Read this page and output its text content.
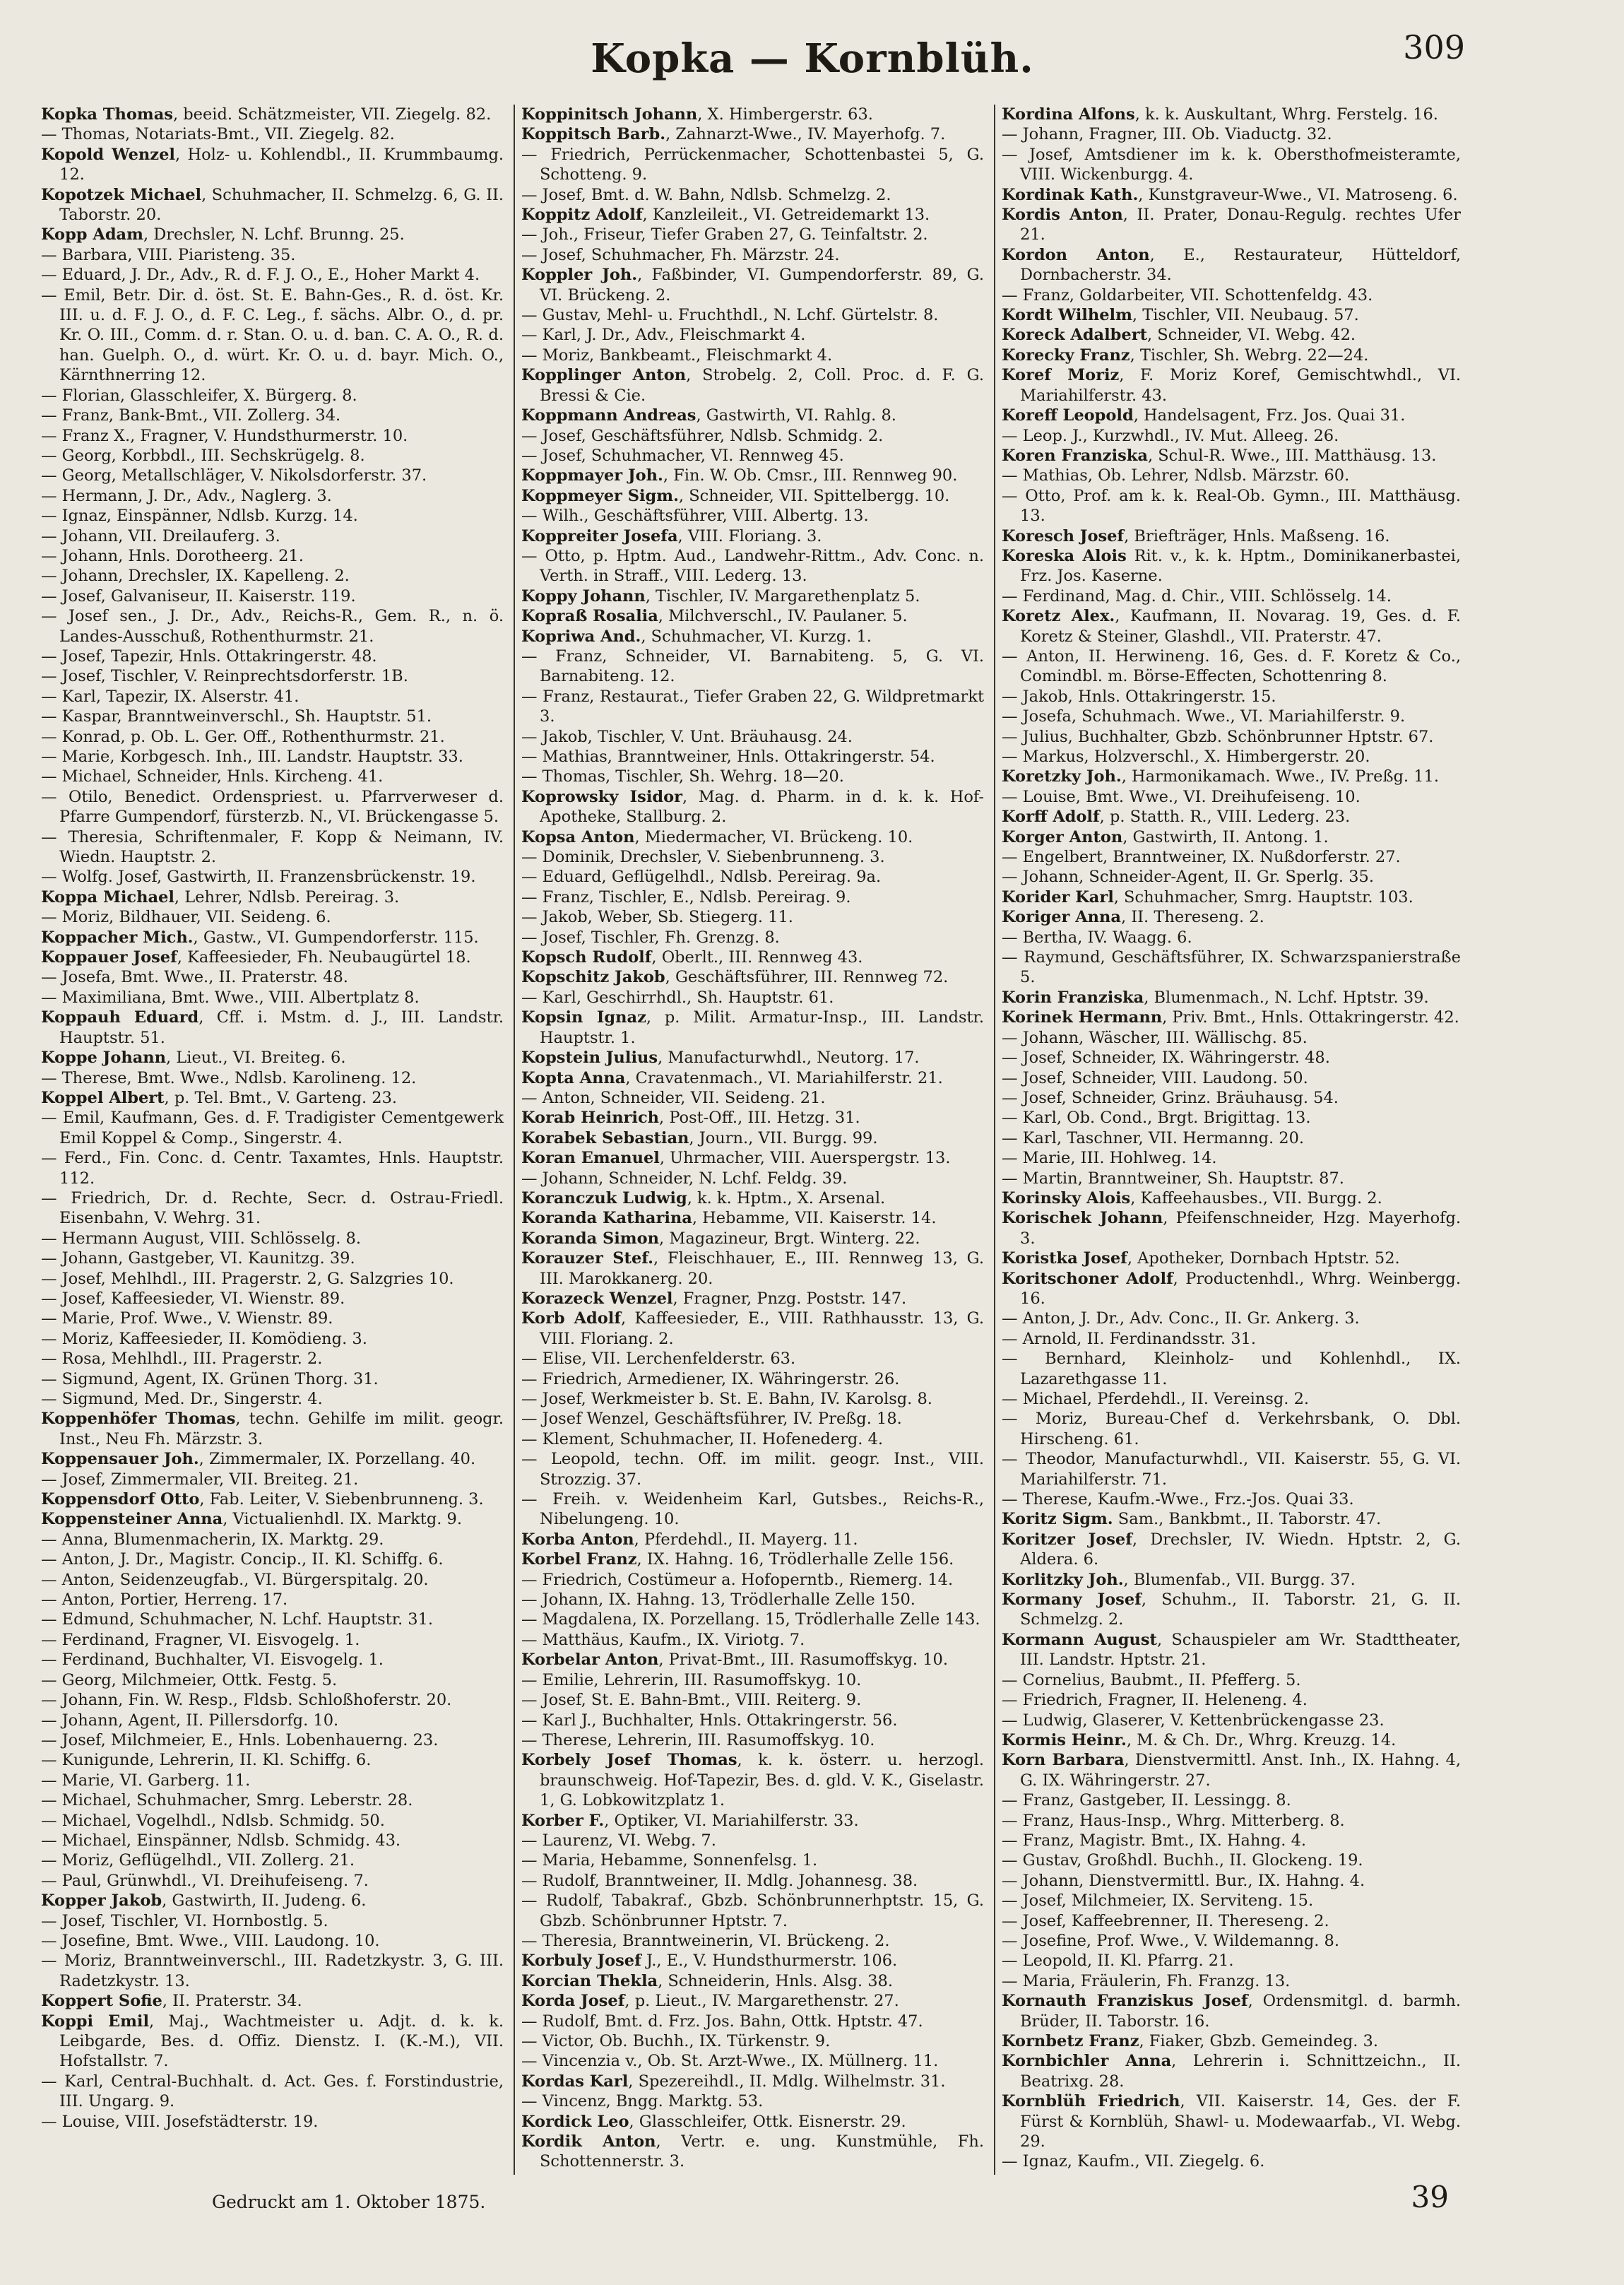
Kopka — Kornblüh.	309
Kopka Thomas, beeid. Schätzmeister, VII. Ziegelg. 82.
— Thomas, Notariats-Bmt., VII. Ziegelg. 82.
Kopold Wenzel, Holz- u. Kohlendbl., II. Krummbaumg. 12.
Kopotzek Michael, Schuhmacher, II. Schmelzg. 6, G. II. Taborstr. 20.
Kopp Adam, Drechsler, N. Lchf. Brunng. 25.
— Barbara, VIII. Piaristeng. 35.
— Eduard, J. Dr., Adv., R. d. F. J. O., E., Hoher Markt 4.
— Emil, Betr. Dir. d. öst. St. E. Bahn-Ges., R. d. öst. Kr. III. u. d. F. J. O., d. F. C. Leg., f. sächs. Albr. O., d. pr. Kr. O. III., Comm. d. r. Stan. O. u. d. ban. C. A. O., R. d. han. Guelph. O., d. würt. Kr. O. u. d. bayr. Mich. O., Kärnthnerring 12.
— Florian, Glasschleifer, X. Bürgerg. 8.
— Franz, Bank-Bmt., VII. Zollerg. 34.
— Franz X., Fragner, V. Hundsthurmerstr. 10.
— Georg, Korbbdl., III. Sechskrügelg. 8.
— Georg, Metallschläger, V. Nikolsdorferstr. 37.
— Hermann, J. Dr., Adv., Naglerg. 3.
— Ignaz, Einspänner, Ndlsb. Kurzg. 14.
— Johann, VII. Dreilauferg. 3.
— Johann, Hnls. Dorotheerg. 21.
— Johann, Drechsler, IX. Kapelleng. 2.
— Josef, Galvaniseur, II. Kaiserstr. 119.
— Josef sen., J. Dr., Adv., Reichs-R., Gem. R., n. ö. Landes-Ausschuß, Rothenthurmstr. 21.
— Josef, Tapezir, Hnls. Ottakringerstr. 48.
— Josef, Tischler, V. Reinprechtsdorferstr. 1B.
— Karl, Tapezir, IX. Alserstr. 41.
— Kaspar, Branntweinverschl., Sh. Hauptstr. 51.
— Konrad, p. Ob. L. Ger. Off., Rothenthurmstr. 21.
— Marie, Korbgesch. Inh., III. Landstr. Hauptstr. 33.
— Michael, Schneider, Hnls. Kircheng. 41.
— Otilo, Benedict. Ordenspriest. u. Pfarrverweser d. Pfarre Gumpendorf, fürsterzb. N., VI. Brückengasse 5.
— Theresia, Schriftenmaler, F. Kopp & Neimann, IV. Wiedn. Hauptstr. 2.
— Wolfg. Josef, Gastwirth, II. Franzensbrückenstr. 19.
Koppa Michael, Lehrer, Ndlsb. Pereirag. 3.
— Moriz, Bildhauer, VII. Seideng. 6.
Koppacher Mich., Gastw., VI. Gumpendorferstr. 115.
Koppauer Josef, Kaffeesieder, Fh. Neubaugürtel 18.
— Josefa, Bmt. Wwe., II. Praterstr. 48.
— Maximiliana, Bmt. Wwe., VIII. Albertplatz 8.
Koppauh Eduard, Cff. i. Mstm. d. J., III. Landstr. Hauptstr. 51.
Koppe Johann, Lieut., VI. Breiteg. 6.
— Therese, Bmt. Wwe., Ndlsb. Karolineng. 12.
Koppel Albert, p. Tel. Bmt., V. Garteng. 23.
— Emil, Kaufmann, Ges. d. F. Tradigister Cementgewerk Emil Koppel & Comp., Singerstr. 4.
— Ferd., Fin. Conc. d. Centr. Taxamtes, Hnls. Hauptstr. 112.
— Friedrich, Dr. d. Rechte, Secr. d. Ostrau-Friedl. Eisenbahn, V. Wehrg. 31.
— Hermann August, VIII. Schlösselg. 8.
— Johann, Gastgeber, VI. Kaunitzg. 39.
— Josef, Mehlhdl., III. Pragerstr. 2, G. Salzgries 10.
— Josef, Kaffeesieder, VI. Wienstr. 89.
— Marie, Prof. Wwe., V. Wienstr. 89.
— Moriz, Kaffeesieder, II. Komödieng. 3.
— Rosa, Mehlhdl., III. Pragerstr. 2.
— Sigmund, Agent, IX. Grünen Thorg. 31.
— Sigmund, Med. Dr., Singerstr. 4.
Koppenhöfer Thomas, techn. Gehilfe im milit. geogr. Inst., Neu Fh. Märzstr. 3.
Koppensauer Joh., Zimmermaler, IX. Porzellang. 40.
— Josef, Zimmermaler, VII. Breiteg. 21.
Koppensdorf Otto, Fab. Leiter, V. Siebenbrunneng. 3.
Koppensteiner Anna, Victualienhdl. IX. Marktg. 9.
— Anna, Blumenmacherin, IX. Marktg. 29.
— Anton, J. Dr., Magistr. Concip., II. Kl. Schiffg. 6.
— Anton, Seidenzeugfab., VI. Bürgerspitalg. 20.
— Anton, Portier, Herreng. 17.
— Edmund, Schuhmacher, N. Lchf. Hauptstr. 31.
— Ferdinand, Fragner, VI. Eisvogelg. 1.
— Ferdinand, Buchhalter, VI. Eisvogelg. 1.
— Georg, Milchmeier, Ottk. Festg. 5.
— Johann, Fin. W. Resp., Fldsb. Schloßhoferstr. 20.
— Johann, Agent, II. Pillersdorfg. 10.
— Josef, Milchmeier, E., Hnls. Lobenhauerng. 23.
— Kunigunde, Lehrerin, II. Kl. Schiffg. 6.
— Marie, VI. Garberg. 11.
— Michael, Schuhmacher, Smrg. Leberstr. 28.
— Michael, Vogelhdl., Ndlsb. Schmidg. 50.
— Michael, Einspänner, Ndlsb. Schmidg. 43.
— Moriz, Geflügelhdl., VII. Zollerg. 21.
— Paul, Grünwhdl., VI. Dreihufeiseng. 7.
Kopper Jakob, Gastwirth, II. Judeng. 6.
— Josef, Tischler, VI. Hornbostlg. 5.
— Josefine, Bmt. Wwe., VIII. Laudong. 10.
— Moriz, Branntweinverschl., III. Radetzkystr. 3, G. III. Radetzkystr. 13.
Koppert Sofie, II. Praterstr. 34.
Koppi Emil, Maj., Wachtmeister u. Adjt. d. k. k. Leibgarde, Bes. d. Offiz. Dienstz. I. (K.-M.), VII. Hofstallstr. 7.
— Karl, Central-Buchhalt. d. Act. Ges. f. Forstindustrie, III. Ungarg. 9.
— Louise, VIII. Josefstädterstr. 19.
Koppinitsch Johann, X. Himbergerstr. 63.
Koppitsch Barb., Zahnarzt-Wwe., IV. Mayerhofg. 7.
— Friedrich, Perrückenmacher, Schottenbastei 5, G. Schotteng. 9.
— Josef, Bmt. d. W. Bahn, Ndlsb. Schmelzg. 2.
Koppitz Adolf, Kanzleileit., VI. Getreidemarkt 13.
— Joh., Friseur, Tiefer Graben 27, G. Teinfaltstr. 2.
— Josef, Schuhmacher, Fh. Märzstr. 24.
Koppler Joh., Faßbinder, VI. Gumpendorferstr. 89, G. VI. Brückeng. 2.
— Gustav, Mehl- u. Fruchthdl., N. Lchf. Gürtelstr. 8.
— Karl, J. Dr., Adv., Fleischmarkt 4.
— Moriz, Bankbeamt., Fleischmarkt 4.
Kopplinger Anton, Strobelg. 2, Coll. Proc. d. F. G. Bressi & Cie.
Koppmann Andreas, Gastwirth, VI. Rahlg. 8.
— Josef, Geschäftsführer, Ndlsb. Schmidg. 2.
— Josef, Schuhmacher, VI. Rennweg 45.
Koppmayer Joh., Fin. W. Ob. Cmsr., III. Rennweg 90.
Koppmeyer Sigm., Schneider, VII. Spittelbergg. 10.
— Wilh., Geschäftsführer, VIII. Albertg. 13.
Koppreiter Josefa, VIII. Floriang. 3.
— Otto, p. Hptm. Aud., Landwehr-Rittm., Adv. Conc. n. Verth. in Straff., VIII. Lederg. 13.
Koppy Johann, Tischler, IV. Margarethenplatz 5.
Kopraß Rosalia, Milchverschl., IV. Paulaner. 5.
Kopriwa And., Schuhmacher, VI. Kurzg. 1.
— Franz, Schneider, VI. Barnabiteng. 5, G. VI. Barnabiteng. 12.
— Franz, Restaurat., Tiefer Graben 22, G. Wildpretmarkt 3.
— Jakob, Tischler, V. Unt. Bräuhausg. 24.
— Mathias, Branntweiner, Hnls. Ottakringerstr. 54.
— Thomas, Tischler, Sh. Wehrg. 18—20.
Koprowsky Isidor, Mag. d. Pharm. in d. k. k. Hof-Apotheke, Stallburg. 2.
Kopsa Anton, Miedermacher, VI. Brückeng. 10.
— Dominik, Drechsler, V. Siebenbrunneng. 3.
— Eduard, Geflügelhdl., Ndlsb. Pereirag. 9a.
— Franz, Tischler, E., Ndlsb. Pereirag. 9.
— Jakob, Weber, Sb. Stiegerg. 11.
— Josef, Tischler, Fh. Grenzg. 8.
Kopsch Rudolf, Oberlt., III. Rennweg 43.
Kopschitz Jakob, Geschäftsführer, III. Rennweg 72.
— Karl, Geschirrhdl., Sh. Hauptstr. 61.
Kopsin Ignaz, p. Milit. Armatur-Insp., III. Landstr. Hauptstr. 1.
Kopstein Julius, Manufacturwhdl., Neutorg. 17.
Kopta Anna, Cravatenmach., VI. Mariahilferstr. 21.
— Anton, Schneider, VII. Seideng. 21.
Korab Heinrich, Post-Off., III. Hetzg. 31.
Korabek Sebastian, Journ., VII. Burgg. 99.
Koran Emanuel, Uhrmacher, VIII. Auerspergstr. 13.
— Johann, Schneider, N. Lchf. Feldg. 39.
Koranczuk Ludwig, k. k. Hptm., X. Arsenal.
Koranda Katharina, Hebamme, VII. Kaiserstr. 14.
Koranda Simon, Magazineur, Brgt. Winterg. 22.
Korauzer Stef., Fleischhauer, E., III. Rennweg 13, G. III. Marokkanerg. 20.
Korazeck Wenzel, Fragner, Pnzg. Poststr. 147.
Korb Adolf, Kaffeesieder, E., VIII. Rathhausstr. 13, G. VIII. Floriang. 2.
— Elise, VII. Lerchenfelderstr. 63.
— Friedrich, Armediener, IX. Währingerstr. 26.
— Josef, Werkmeister b. St. E. Bahn, IV. Karolsg. 8.
— Josef Wenzel, Geschäftsführer, IV. Preßg. 18.
— Klement, Schuhmacher, II. Hofenederg. 4.
— Leopold, techn. Off. im milit. geogr. Inst., VIII. Strozzig. 37.
— Freih. v. Weidenheim Karl, Gutsbes., Reichs-R., Nibelungeng. 10.
Korba Anton, Pferdehdl., II. Mayerg. 11.
Korbel Franz, IX. Hahng. 16, Trödlerhalle Zelle 156.
— Friedrich, Costümeur a. Hofoperntb., Riemerg. 14.
— Johann, IX. Hahng. 13, Trödlerhalle Zelle 150.
— Magdalena, IX. Porzellang. 15, Trödlerhalle Zelle 143.
— Matthäus, Kaufm., IX. Viriotg. 7.
Korbelar Anton, Privat-Bmt., III. Rasumoffskyg. 10.
— Emilie, Lehrerin, III. Rasumoffskyg. 10.
— Josef, St. E. Bahn-Bmt., VIII. Reiterg. 9.
— Karl J., Buchhalter, Hnls. Ottakringerstr. 56.
— Therese, Lehrerin, III. Rasumoffskyg. 10.
Korbely Josef Thomas, k. k. österr. u. herzogl. braunschweig. Hof-Tapezir, Bes. d. gld. V. K., Giselastr. 1, G. Lobkowitzplatz 1.
Korber F., Optiker, VI. Mariahilferstr. 33.
— Laurenz, VI. Webg. 7.
— Maria, Hebamme, Sonnenfelsg. 1.
— Rudolf, Branntweiner, II. Mdlg. Johannesg. 38.
— Rudolf, Tabakraf., Gbzb. Schönbrunnerhptstr. 15, G. Gbzb. Schönbrunner Hptstr. 7.
— Theresia, Branntweinerin, VI. Brückeng. 2.
Korbuly Josef J., E., V. Hundsthurmerstr. 106.
Korcian Thekla, Schneiderin, Hnls. Alsg. 38.
Korda Josef, p. Lieut., IV. Margarethenstr. 27.
— Rudolf, Bmt. d. Frz. Jos. Bahn, Ottk. Hptstr. 47.
— Victor, Ob. Buchh., IX. Türkenstr. 9.
— Vincenzia v., Ob. St. Arzt-Wwe., IX. Müllnerg. 11.
Kordas Karl, Spezereihdl., II. Mdlg. Wilhelmstr. 31.
— Vincenz, Bngg. Marktg. 53.
Kordick Leo, Glasschleifer, Ottk. Eisnerstr. 29.
Kordik Anton, Vertr. e. ung. Kunstmühle, Fh. Schottennerstr. 3.
Kordina Alfons, k. k. Auskultant, Whrg. Ferstelg. 16.
— Johann, Fragner, III. Ob. Viaductg. 32.
— Josef, Amtsdiener im k. k. Obersthofmeisteramte, VIII. Wickenburgg. 4.
Kordinak Kath., Kunstgraveur-Wwe., VI. Matroseng. 6.
Kordis Anton, II. Prater, Donau-Regulg. rechtes Ufer 21.
Kordon Anton, E., Restaurateur, Hütteldorf, Dornbacherstr. 34.
— Franz, Goldarbeiter, VII. Schottenfeldg. 43.
Kordt Wilhelm, Tischler, VII. Neubaug. 57.
Koreck Adalbert, Schneider, VI. Webg. 42.
Korecky Franz, Tischler, Sh. Webrg. 22—24.
Koref Moriz, F. Moriz Koref, Gemischtwhdl., VI. Mariahilferstr. 43.
Koreff Leopold, Handelsagent, Frz. Jos. Quai 31.
— Leop. J., Kurzwhdl., IV. Mut. Alleeg. 26.
Koren Franziska, Schul-R. Wwe., III. Matthäusg. 13.
— Mathias, Ob. Lehrer, Ndlsb. Märzstr. 60.
— Otto, Prof. am k. k. Real-Ob. Gymn., III. Matthäusg. 13.
Koresch Josef, Briefträger, Hnls. Maßseng. 16.
Koreska Alois Rit. v., k. k. Hptm., Dominikanerbastei, Frz. Jos. Kaserne.
— Ferdinand, Mag. d. Chir., VIII. Schlösselg. 14.
Koretz Alex., Kaufmann, II. Novarag. 19, Ges. d. F. Koretz & Steiner, Glashdl., VII. Praterstr. 47.
— Anton, II. Herwineng. 16, Ges. d. F. Koretz & Co., Comindbl. m. Börse-Effecten, Schottenring 8.
— Jakob, Hnls. Ottakringerstr. 15.
— Josefa, Schuhmach. Wwe., VI. Mariahilferstr. 9.
— Julius, Buchhalter, Gbzb. Schönbrunner Hptstr. 67.
— Markus, Holzverschl., X. Himbergerstr. 20.
Koretzky Joh., Harmonikamach. Wwe., IV. Preßg. 11.
— Louise, Bmt. Wwe., VI. Dreihufeiseng. 10.
Korff Adolf, p. Statth. R., VIII. Lederg. 23.
Korger Anton, Gastwirth, II. Antong. 1.
— Engelbert, Branntweiner, IX. Nußdorferstr. 27.
— Johann, Schneider-Agent, II. Gr. Sperlg. 35.
Korider Karl, Schuhmacher, Smrg. Hauptstr. 103.
Koriger Anna, II. Thereseng. 2.
— Bertha, IV. Waagg. 6.
— Raymund, Geschäftsführer, IX. Schwarzspanierstraße 5.
Korin Franziska, Blumenmach., N. Lchf. Hptstr. 39.
Korinek Hermann, Priv. Bmt., Hnls. Ottakringerstr. 42.
— Johann, Wäscher, III. Wällischg. 85.
— Josef, Schneider, IX. Währingerstr. 48.
— Josef, Schneider, VIII. Laudong. 50.
— Josef, Schneider, Grinz. Bräuhausg. 54.
— Karl, Ob. Cond., Brgt. Brigittag. 13.
— Karl, Taschner, VII. Hermanng. 20.
— Marie, III. Hohlweg. 14.
— Martin, Branntweiner, Sh. Hauptstr. 87.
Korinsky Alois, Kaffeehausbes., VII. Burgg. 2.
Korischek Johann, Pfeifenschneider, Hzg. Mayerhofg. 3.
Koristka Josef, Apotheker, Dornbach Hptstr. 52.
Koritschoner Adolf, Productenhdl., Whrg. Weinbergg. 16.
— Anton, J. Dr., Adv. Conc., II. Gr. Ankerg. 3.
— Arnold, II. Ferdinandsstr. 31.
— Bernhard, Kleinholz- und Kohlenhdl., IX. Lazarethgasse 11.
— Michael, Pferdehdl., II. Vereinsg. 2.
— Moriz, Bureau-Chef d. Verkehrsbank, O. Dbl. Hirscheng. 61.
— Theodor, Manufacturwhdl., VII. Kaiserstr. 55, G. VI. Mariahilferstr. 71.
— Therese, Kaufm.-Wwe., Frz.-Jos. Quai 33.
Koritz Sigm. Sam., Bankbmt., II. Taborstr. 47.
Koritzer Josef, Drechsler, IV. Wiedn. Hptstr. 2, G. Aldera. 6.
Korlitzky Joh., Blumenfab., VII. Burgg. 37.
Kormany Josef, Schuhm., II. Taborstr. 21, G. II. Schmelzg. 2.
Kormann August, Schauspieler am Wr. Stadttheater, III. Landstr. Hptstr. 21.
— Cornelius, Baubmt., II. Pfefferg. 5.
— Friedrich, Fragner, II. Heleneng. 4.
— Ludwig, Glaserer, V. Kettenbrückengasse 23.
Kormis Heinr., M. & Ch. Dr., Whrg. Kreuzg. 14.
Korn Barbara, Dienstvermittl. Anst. Inh., IX. Hahng. 4, G. IX. Währingerstr. 27.
— Franz, Gastgeber, II. Lessingg. 8.
— Franz, Haus-Insp., Whrg. Mitterberg. 8.
— Franz, Magistr. Bmt., IX. Hahng. 4.
— Gustav, Großhdl. Buchh., II. Glockeng. 19.
— Johann, Dienstvermittl. Bur., IX. Hahng. 4.
— Josef, Milchmeier, IX. Serviteng. 15.
— Josef, Kaffeebrenner, II. Thereseng. 2.
— Josefine, Prof. Wwe., V. Wildemanng. 8.
— Leopold, II. Kl. Pfarrg. 21.
— Maria, Fräulerin, Fh. Franzg. 13.
Kornauth Franziskus Josef, Ordensmitgl. d. barmh. Brüder, II. Taborstr. 16.
Kornbetz Franz, Fiaker, Gbzb. Gemeindeg. 3.
Kornbichler Anna, Lehrerin i. Schnittzeichn., II. Beatrixg. 28.
Kornblüh Friedrich, VII. Kaiserstr. 14, Ges. der F. Fürst & Kornblüh, Shawl- u. Modewaarfab., VI. Webg. 29.
— Ignaz, Kaufm., VII. Ziegelg. 6.
Gedruckt am 1. Oktober 1875.	39
